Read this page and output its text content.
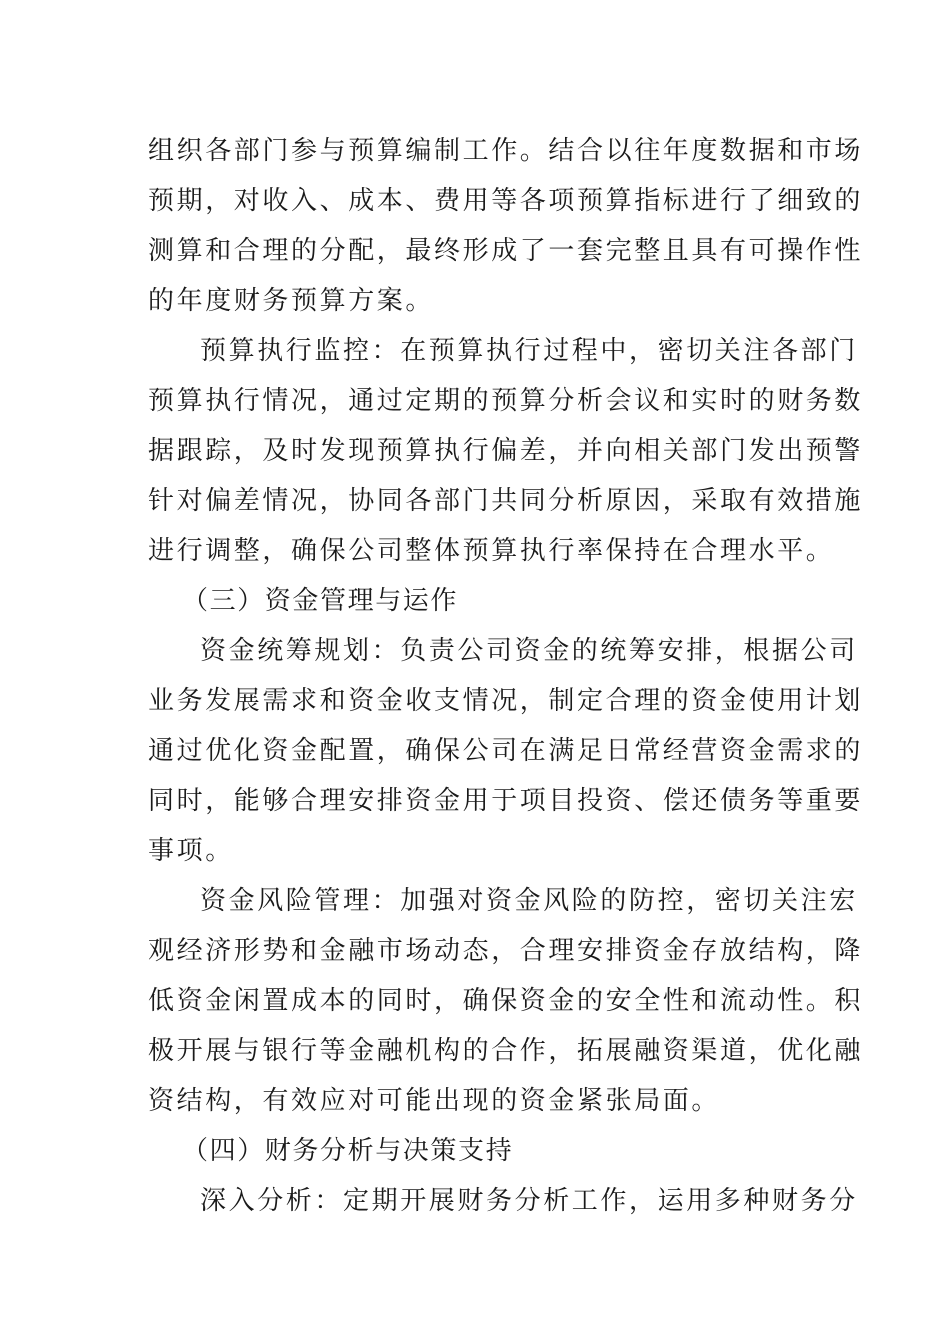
组织各部门参与预算编制工作。结合以往年度数据和市场
预期，对收入、成本、费用等各项预算指标进行了细致的
测算和合理的分配，最终形成了一套完整且具有可操作性
的年度财务预算方案。
预算执行监控：在预算执行过程中，密切关注各部门
预算执行情况，通过定期的预算分析会议和实时的财务数
据跟踪，及时发现预算执行偏差，并向相关部门发出预警
针对偏差情况，协同各部门共同分析原因，采取有效措施
进行调整，确保公司整体预算执行率保持在合理水平。
（三）资金管理与运作
资金统筹规划：负责公司资金的统筹安排，根据公司
业务发展需求和资金收支情况，制定合理的资金使用计划
通过优化资金配置，确保公司在满足日常经营资金需求的
同时，能够合理安排资金用于项目投资、偿还债务等重要
事项。
资金风险管理：加强对资金风险的防控，密切关注宏
观经济形势和金融市场动态，合理安排资金存放结构，降
低资金闲置成本的同时，确保资金的安全性和流动性。积
极开展与银行等金融机构的合作，拓展融资渠道，优化融
资结构，有效应对可能出现的资金紧张局面。
（四）财务分析与决策支持
深入分析：定期开展财务分析工作，运用多种财务分
